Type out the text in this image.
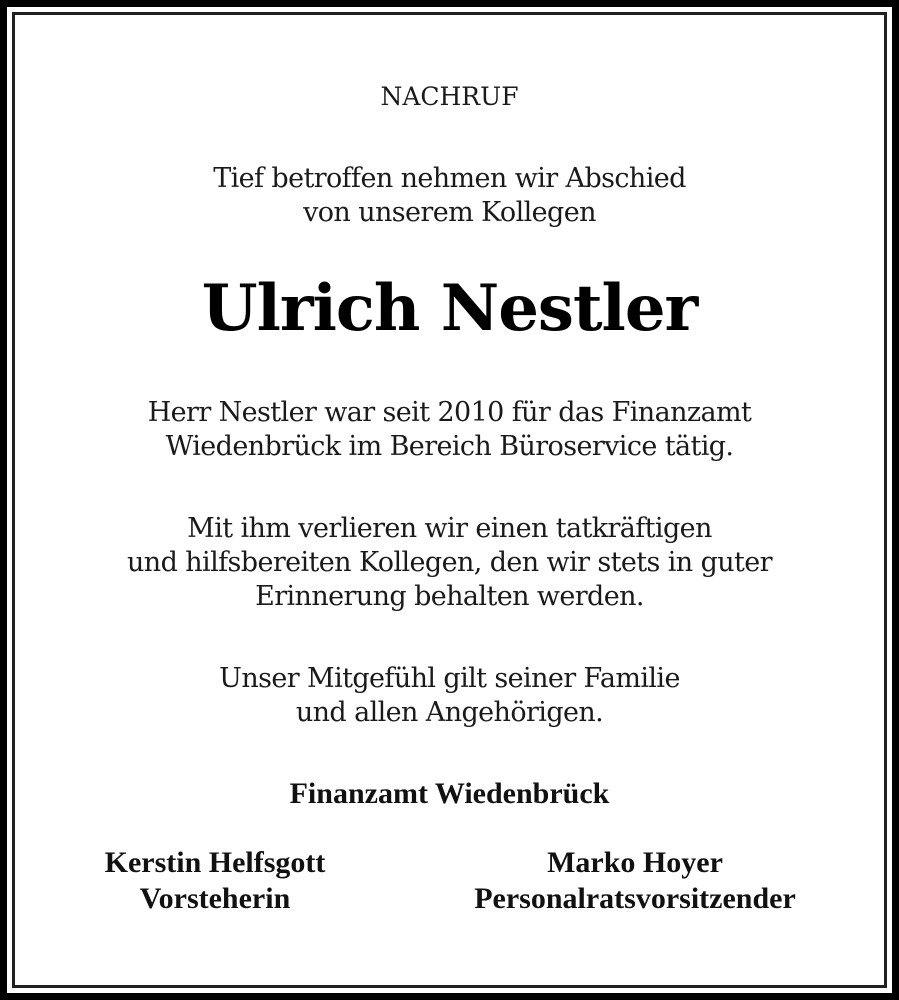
NACHRUF
Tief betroffen nehmen wir Abschied
von unserem Kollegen
Ulrich Nestler
Herr Nestler war seit 2010 für das Finanzamt
Wiedenbrück im Bereich Büroservice tätig.
Mit ihm verlieren wir einen tatkräftigen
und hilfsbereiten Kollegen, den wir stets in guter
Erinnerung behalten werden.
Unser Mitgefühl gilt seiner Familie
und allen Angehörigen.
Finanzamt Wiedenbrück
Kerstin Helfsgott
Vorsteherin
Marko Hoyer
Personalratsvorsitzender
